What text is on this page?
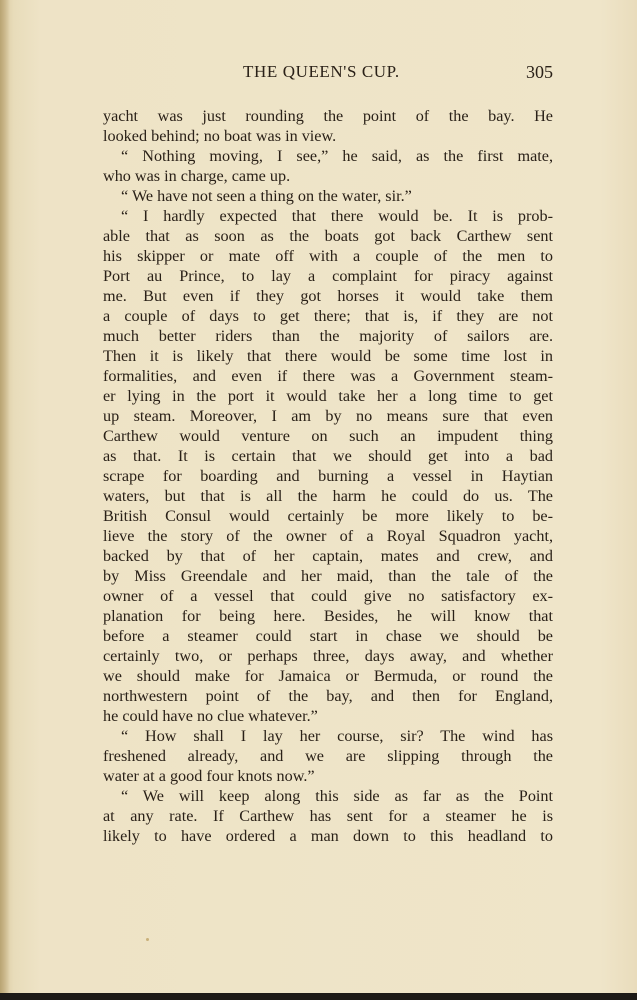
THE QUEEN'S CUP.	305
yacht was just rounding the point of the bay. He
looked behind; no boat was in view.
“ Nothing moving, I see,” he said, as the first mate,
who was in charge, came up.
“ We have not seen a thing on the water, sir.”
“ I hardly expected that there would be. It is prob-
able that as soon as the boats got back Carthew sent
his skipper or mate off with a couple of the men to
Port au Prince, to lay a complaint for piracy against
me. But even if they got horses it would take them
a couple of days to get there; that is, if they are not
much better riders than the majority of sailors are.
Then it is likely that there would be some time lost in
formalities, and even if there was a Government steam-
er lying in the port it would take her a long time to get
up steam. Moreover, I am by no means sure that even
Carthew would venture on such an impudent thing
as that. It is certain that we should get into a bad
scrape for boarding and burning a vessel in Haytian
waters, but that is all the harm he could do us. The
British Consul would certainly be more likely to be-
lieve the story of the owner of a Royal Squadron yacht,
backed by that of her captain, mates and crew, and
by Miss Greendale and her maid, than the tale of the
owner of a vessel that could give no satisfactory ex-
planation for being here. Besides, he will know that
before a steamer could start in chase we should be
certainly two, or perhaps three, days away, and whether
we should make for Jamaica or Bermuda, or round the
northwestern point of the bay, and then for England,
he could have no clue whatever.”
“ How shall I lay her course, sir? The wind has
freshened already, and we are slipping through the
water at a good four knots now.”
“ We will keep along this side as far as the Point
at any rate. If Carthew has sent for a steamer he is
likely to have ordered a man down to this headland to
